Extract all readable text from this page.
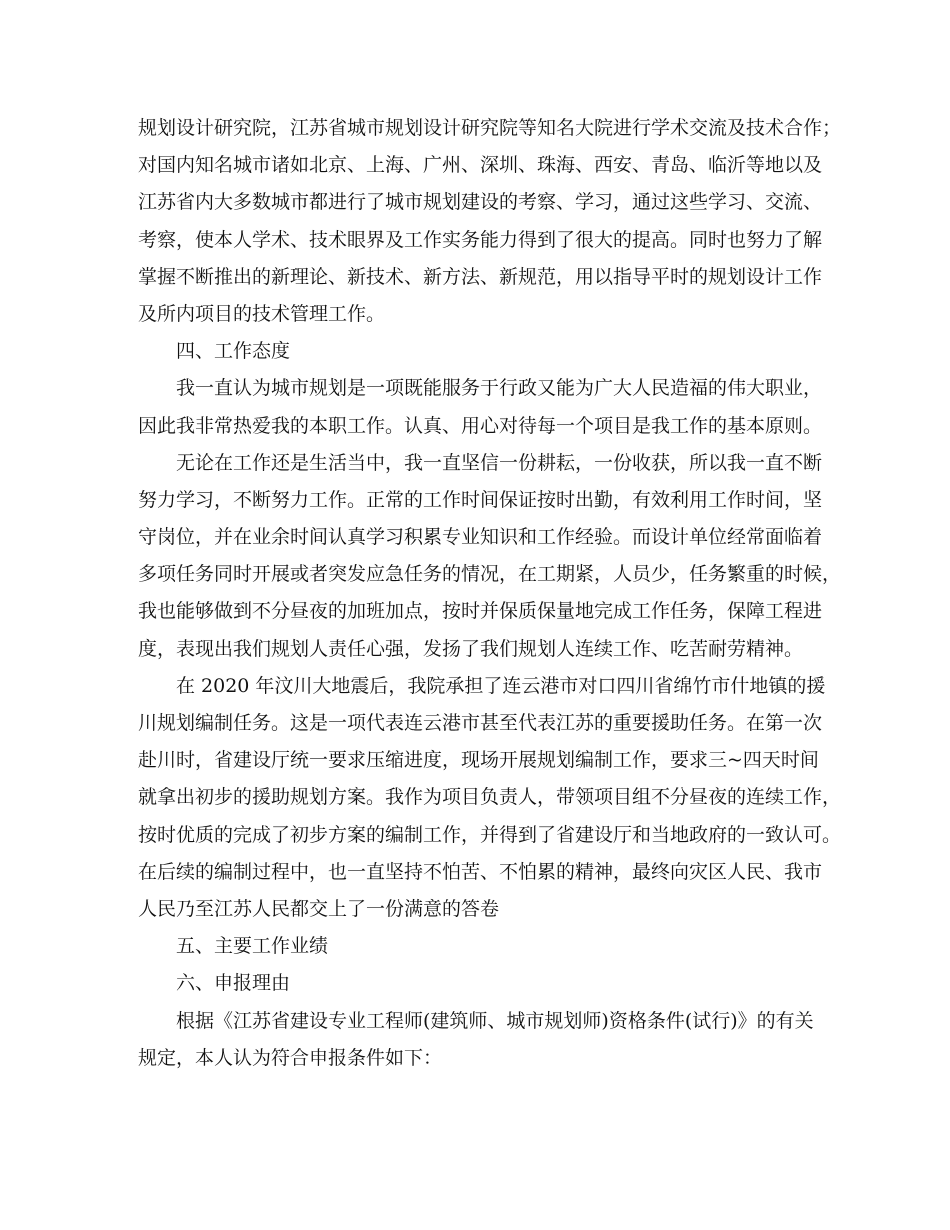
规划设计研究院，江苏省城市规划设计研究院等知名大院进行学术交流及技术合作；
对国内知名城市诸如北京、上海、广州、深圳、珠海、西安、青岛、临沂等地以及
江苏省内大多数城市都进行了城市规划建设的考察、学习，通过这些学习、交流、
考察，使本人学术、技术眼界及工作实务能力得到了很大的提高。同时也努力了解
掌握不断推出的新理论、新技术、新方法、新规范，用以指导平时的规划设计工作
及所内项目的技术管理工作。
四、工作态度
我一直认为城市规划是一项既能服务于行政又能为广大人民造福的伟大职业，
因此我非常热爱我的本职工作。认真、用心对待每一个项目是我工作的基本原则。
无论在工作还是生活当中，我一直坚信一份耕耘，一份收获，所以我一直不断
努力学习，不断努力工作。正常的工作时间保证按时出勤，有效利用工作时间，坚
守岗位，并在业余时间认真学习积累专业知识和工作经验。而设计单位经常面临着
多项任务同时开展或者突发应急任务的情况，在工期紧，人员少，任务繁重的时候，
我也能够做到不分昼夜的加班加点，按时并保质保量地完成工作任务，保障工程进
度，表现出我们规划人责任心强，发扬了我们规划人连续工作、吃苦耐劳精神。
在 2020 年汶川大地震后，我院承担了连云港市对口四川省绵竹市什地镇的援
川规划编制任务。这是一项代表连云港市甚至代表江苏的重要援助任务。在第一次
赴川时，省建设厅统一要求压缩进度，现场开展规划编制工作，要求三~四天时间
就拿出初步的援助规划方案。我作为项目负责人，带领项目组不分昼夜的连续工作，
按时优质的完成了初步方案的编制工作，并得到了省建设厅和当地政府的一致认可。
在后续的编制过程中，也一直坚持不怕苦、不怕累的精神，最终向灾区人民、我市
人民乃至江苏人民都交上了一份满意的答卷
五、主要工作业绩
六、申报理由
根据《江苏省建设专业工程师(建筑师、城市规划师)资格条件(试行)》的有关
规定，本人认为符合申报条件如下：
